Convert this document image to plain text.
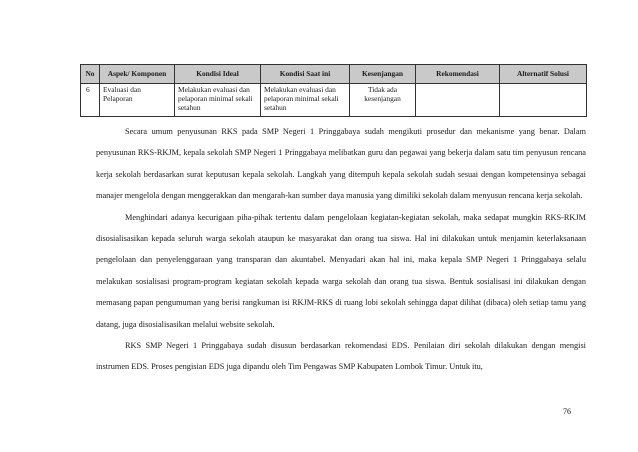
No	Aspek/ Komponen	Kondisi Ideal	Kondisi Saat ini	Kesenjangan	Rekomendasi	Alternatif Solusi
6	Evaluasi dan Pelaporan	Melakukan evaluasi dan pelaporan minimal sekali setahun	Melakukan evaluasi dan pelaporan minimal sekali setahun	Tidak ada kesenjangan		

Secara umum penyusunan RKS pada SMP Negeri 1 Pringgabaya sudah mengikuti prosedur dan mekanisme yang benar. Dalam penyusunan RKS-RKJM, kepala sekolah SMP Negeri 1 Pringgabaya melibatkan guru dan pegawai yang bekerja dalam satu tim penyusun rencana kerja sekolah berdasarkan surat keputusan kepala sekolah. Langkah yang ditempuh kepala sekolah sudah sesuai dengan kompetensinya sebagai manajer mengelola dengan menggerakkan dan mengarah-kan sumber daya manusia yang dimiliki sekolah dalam menyusun rencana kerja sekolah.

Menghindari adanya kecurigaan piha-pihak tertentu dalam pengelolaan kegiatan-kegiatan sekolah, maka sedapat mungkin RKS-RKJM disosialisasikan kepada seluruh warga sekolah ataupun ke masyarakat dan orang tua siswa. Hal ini dilakukan untuk menjamin keterlaksanaan pengelolaan dan penyelenggaraan yang transparan dan akuntabel. Menyadari akan hal ini, maka kepala SMP Negeri 1 Pringgabaya selalu melakukan sosialisasi program-program kegiatan sekolah kepada warga sekolah dan orang tua siswa. Bentuk sosialisasi ini dilakukan dengan memasang papan pengumuman yang berisi rangkuman isi RKJM-RKS di ruang lobi sekolah sehingga dapat dilihat (dibaca) oleh setiap tamu yang datang, juga disosialisasikan melalui website sekolah.

RKS SMP Negeri 1 Pringgabaya sudah disusun berdasarkan rekomendasi EDS. Penilaian diri sekolah dilakukan dengan mengisi instrumen EDS. Proses pengisian EDS juga dipandu oleh Tim Pengawas SMP Kabupaten Lombok Timur. Untuk itu,

76
